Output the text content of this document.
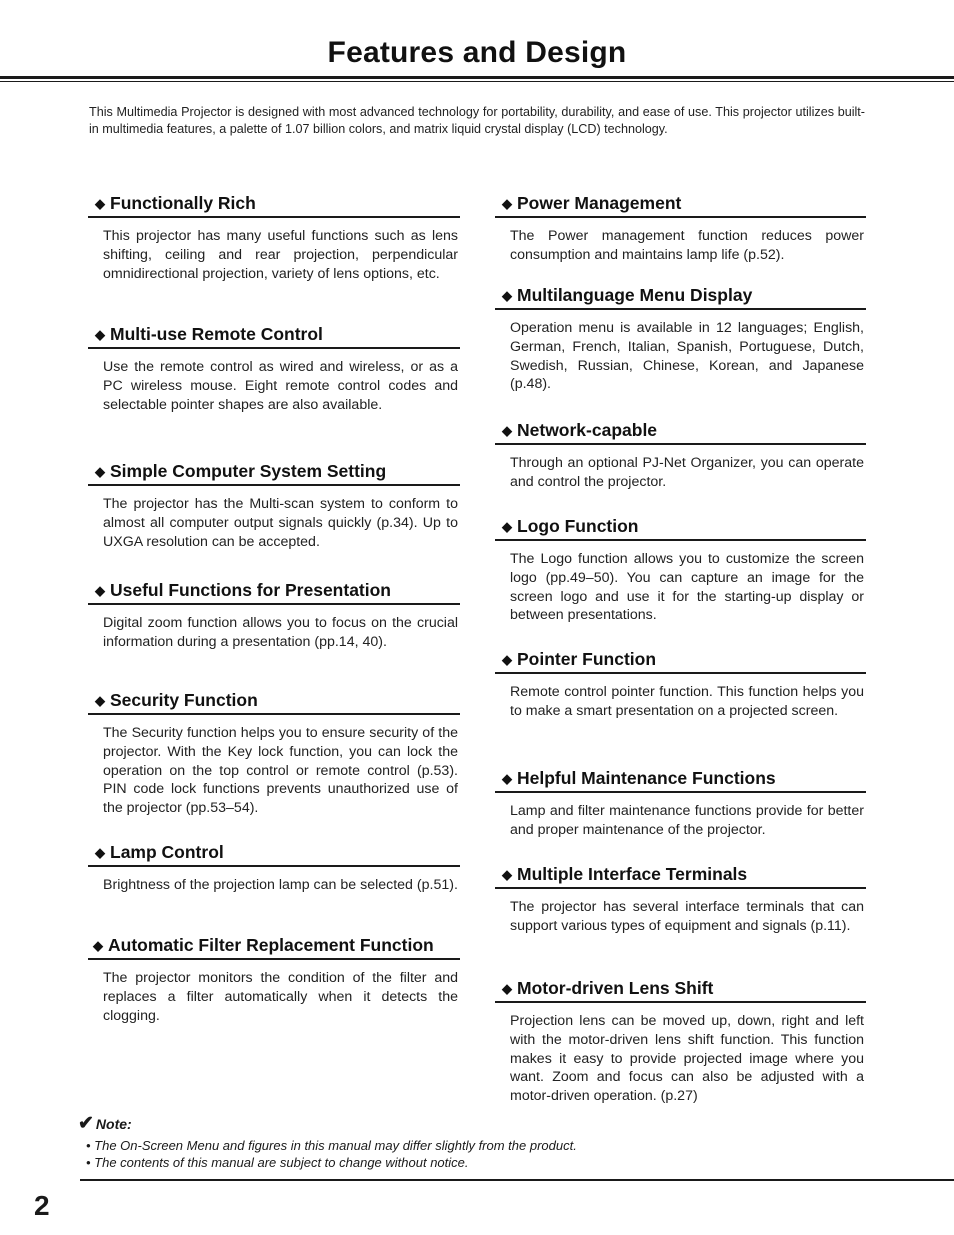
Features and Design
This Multimedia Projector is designed with most advanced technology for portability, durability, and ease of use. This projector utilizes built-in multimedia features, a palette of 1.07 billion colors, and matrix liquid crystal display (LCD) technology.
◆ Functionally Rich

This projector has many useful functions such as lens shifting, ceiling and rear projection, perpendicular omnidirectional projection, variety of lens options, etc.

◆ Multi-use Remote Control

Use the remote control as wired and wireless, or as a PC wireless mouse. Eight remote control codes and selectable pointer shapes are also available.

◆ Simple Computer System Setting

The projector has the Multi-scan system to conform to almost all computer output signals quickly (p.34). Up to UXGA resolution can be accepted.

◆ Useful Functions for Presentation

Digital zoom function allows you to focus on the crucial information during a presentation (pp.14, 40).

◆ Security Function

The Security function helps you to ensure security of the projector. With the Key lock function, you can lock the operation on the top control or remote control (p.53). PIN code lock functions prevents unauthorized use of the projector (pp.53–54).

◆ Lamp Control

Brightness of the projection lamp can be selected (p.51).

◆ Automatic Filter Replacement Function

The projector monitors the condition of the filter and replaces a filter automatically when it detects the clogging.

◆ Power Management

The Power management function reduces power consumption and maintains lamp life (p.52).

◆ Multilanguage Menu Display

Operation menu is available in 12 languages; English, German, French, Italian, Spanish, Portuguese, Dutch, Swedish, Russian, Chinese, Korean, and Japanese (p.48).

◆ Network-capable

Through an optional PJ-Net Organizer, you can operate and control the projector.

◆ Logo Function

The Logo function allows you to customize the screen logo (pp.49–50). You can capture an image for the screen logo and use it for the starting-up display or between presentations.

◆ Pointer Function

Remote control pointer function. This function helps you to make a smart presentation on a projected screen.

◆ Helpful Maintenance Functions

Lamp and filter maintenance functions provide for better and proper maintenance of the projector.

◆ Multiple Interface Terminals

The projector has several interface terminals that can support various types of equipment and signals (p.11).

◆ Motor-driven Lens Shift

Projection lens can be moved up, down, right and left with the motor-driven lens shift function. This function makes it easy to provide projected image where you want. Zoom and focus can also be adjusted with a motor-driven operation. (p.27)

✔ Note:
• The On-Screen Menu and figures in this manual may differ slightly from the product.
• The contents of this manual are subject to change without notice.
2
